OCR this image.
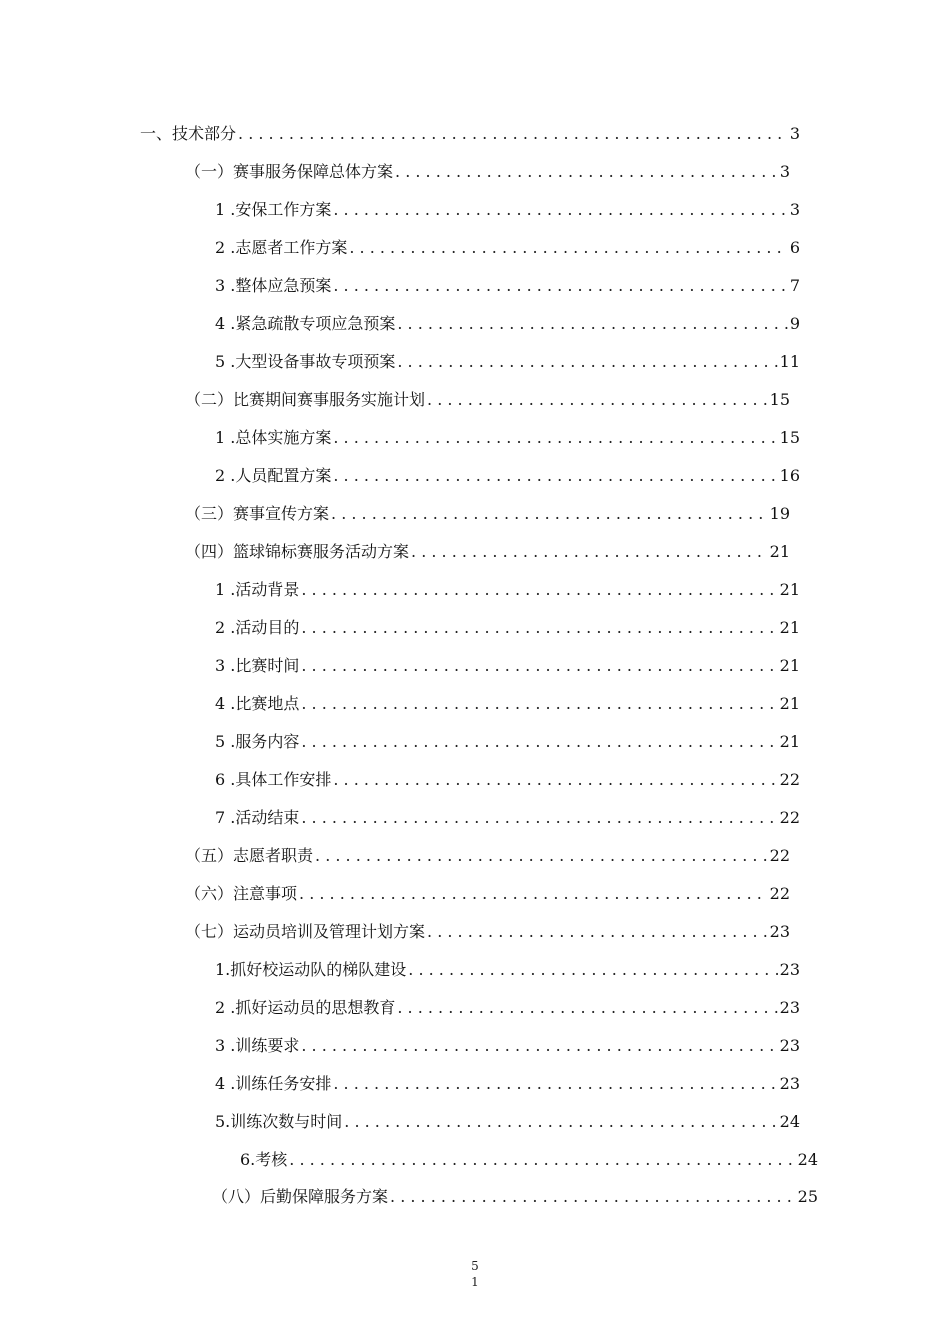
一、技术部分 . . .	3
（一）赛事服务保障总体方案 . . .	3
1 .安保工作方案 . . .	3
2 .志愿者工作方案 . . .	6
3 .整体应急预案 . . .	7
4 .紧急疏散专项应急预案 . . .	9
5 .大型设备事故专项预案 . . .	11
（二）比赛期间赛事服务实施计划 . . .	15
1 .总体实施方案 . . .	15
2 .人员配置方案 . . .	16
（三）赛事宣传方案 . . .	19
（四）篮球锦标赛服务活动方案 . . .	21
1 .活动背景 . . .	21
2 .活动目的 . . .	21
3 .比赛时间 . . .	21
4 .比赛地点 . . .	21
5 .服务内容 . . .	21
6 .具体工作安排 . . .	22
7 .活动结束 . . .	22
（五）志愿者职责 . . .	22
（六）注意事项 . . .	22
（七）运动员培训及管理计划方案 . . .	23
1.抓好校运动队的梯队建设 . . .	23
2 .抓好运动员的思想教育 . . .	23
3 .训练要求 . . .	23
4 .训练任务安排 . . .	23
5.训练次数与时间 . . .	24
6.考核 . . .	24
（八）后勤保障服务方案 . . .	25
5
1
